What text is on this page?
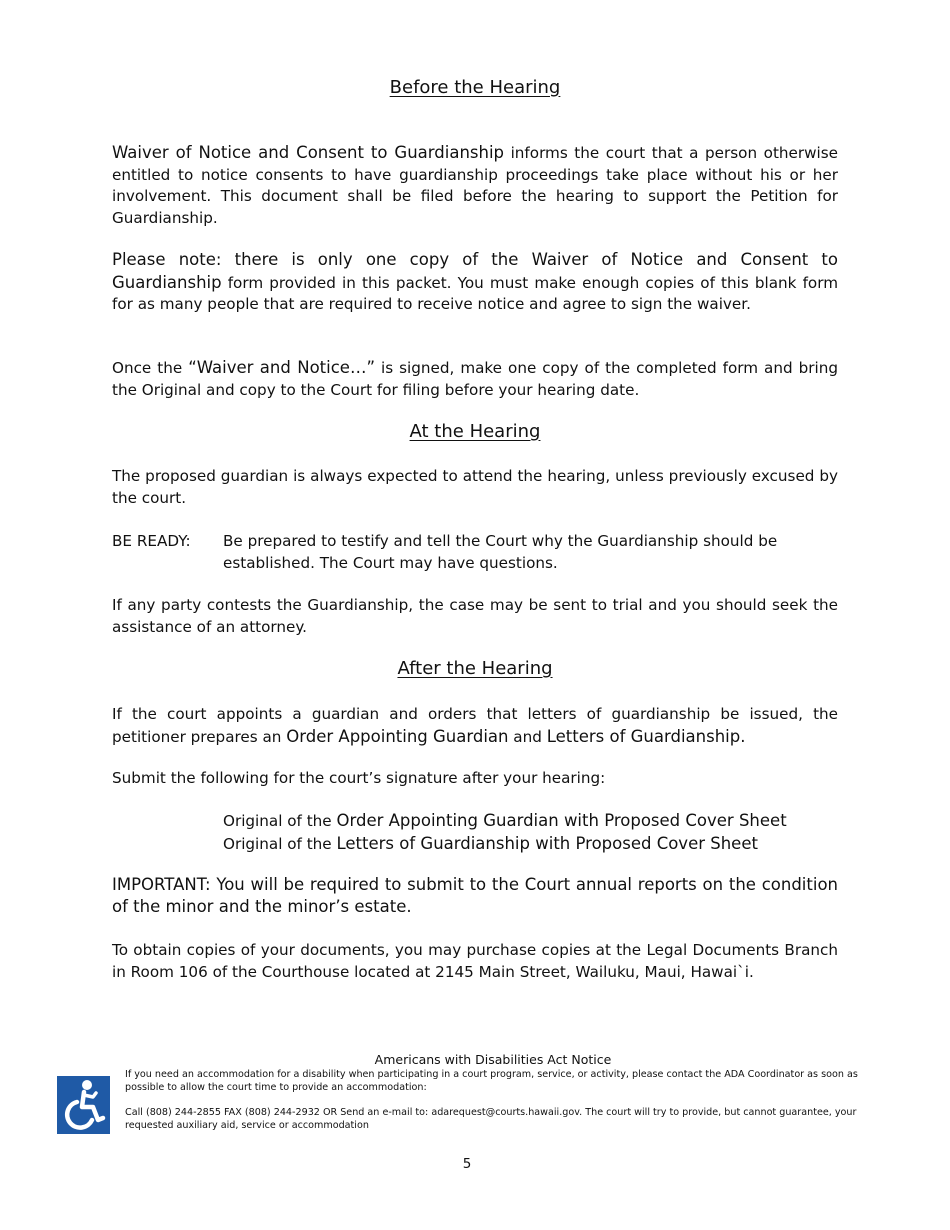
Before the Hearing

Waiver of Notice and Consent to Guardianship informs the court that a person otherwise entitled to notice consents to have guardianship proceedings take place without his or her involvement. This document shall be filed before the hearing to support the Petition for Guardianship.

Please note: there is only one copy of the Waiver of Notice and Consent to Guardianship form provided in this packet. You must make enough copies of this blank form for as many people that are required to receive notice and agree to sign the waiver.

Once the “Waiver and Notice…” is signed, make one copy of the completed form and bring the Original and copy to the Court for filing before your hearing date.

At the Hearing

The proposed guardian is always expected to attend the hearing, unless previously excused by the court.

BE READY: Be prepared to testify and tell the Court why the Guardianship should be established. The Court may have questions.

If any party contests the Guardianship, the case may be sent to trial and you should seek the assistance of an attorney.

After the Hearing

If the court appoints a guardian and orders that letters of guardianship be issued, the petitioner prepares an Order Appointing Guardian and Letters of Guardianship.

Submit the following for the court’s signature after your hearing:

Original of the Order Appointing Guardian with Proposed Cover Sheet
Original of the Letters of Guardianship with Proposed Cover Sheet

IMPORTANT: You will be required to submit to the Court annual reports on the condition of the minor and the minor’s estate.

To obtain copies of your documents, you may purchase copies at the Legal Documents Branch in Room 106 of the Courthouse located at 2145 Main Street, Wailuku, Maui, Hawai`i.

Americans with Disabilities Act Notice

If you need an accommodation for a disability when participating in a court program, service, or activity, please contact the ADA Coordinator as soon as possible to allow the court time to provide an accommodation:

Call (808) 244-2855 FAX (808) 244-2932 OR Send an e-mail to: adarequest@courts.hawaii.gov. The court will try to provide, but cannot guarantee, your requested auxiliary aid, service or accommodation

5
